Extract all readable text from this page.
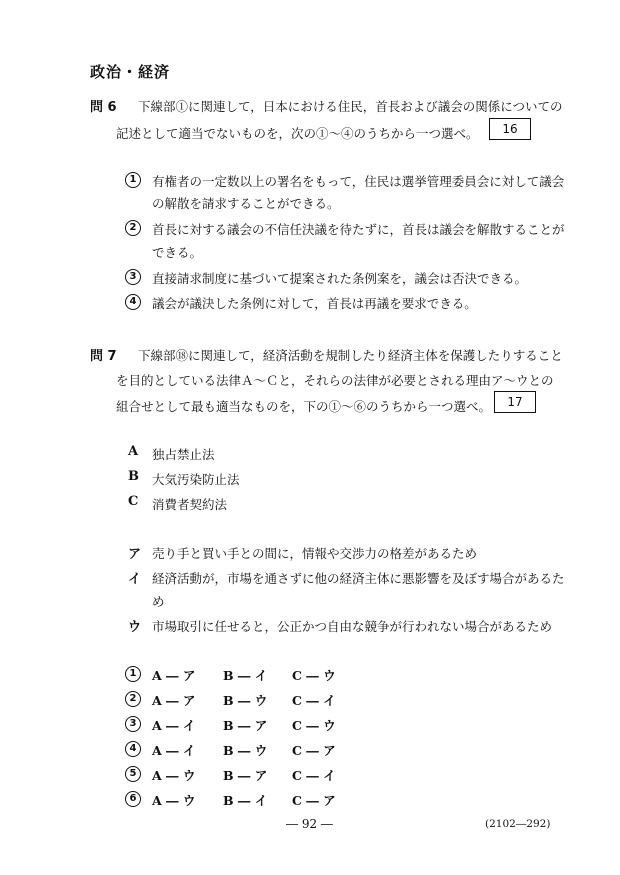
政治・経済
問 6 下線部①に関連して，日本における住民，首長および議会の関係についての
記述として適当でないものを，次の①～④のうちから一つ選べ。	16
1	有権者の一定数以上の署名をもって，住民は選挙管理委員会に対して議会
の解散を請求することができる。
2	首長に対する議会の不信任決議を待たずに，首長は議会を解散することが
できる。
3	直接請求制度に基づいて提案された条例案を，議会は否決できる。
4	議会が議決した条例に対して，首長は再議を要求できる。
問 7 下線部⑱に関連して，経済活動を規制したり経済主体を保護したりすること
を目的としている法律Ａ～Ｃと，それらの法律が必要とされる理由ア～ウとの
組合せとして最も適当なものを，下の①～⑥のうちから一つ選べ。	17
A 独占禁止法
B 大気汚染防止法
C 消費者契約法
ア 売り手と買い手との間に，情報や交渉力の格差があるため
イ 経済活動が，市場を通さずに他の経済主体に悪影響を及ぼす場合があるた
め
ウ 市場取引に任せると，公正かつ自由な競争が行われない場合があるため
1	A ― ア B ― イ C ― ウ
2	A ― ア B ― ウ C ― イ
3	A ― イ B ― ア C ― ウ
4	A ― イ B ― ウ C ― ア
5	A ― ウ B ― ア C ― イ
6	A ― ウ B ― イ C ― ア
― 92 ―	(2102―292)
